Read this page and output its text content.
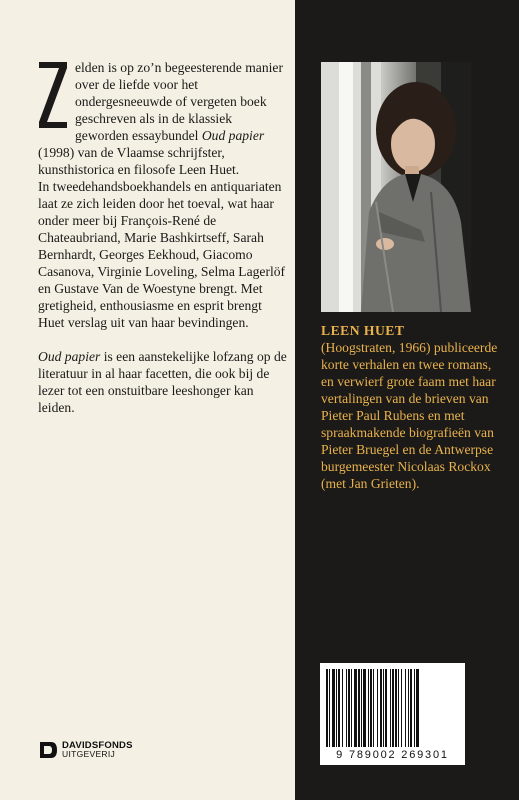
elden is op zo’n begeesterende manier over de liefde voor het ondergesneeuwde of vergeten boek geschreven als in de klassiek geworden essaybundel Oud papier (1998) van de Vlaamse schrijfster, kunsthistorica en filosofe Leen Huet.

In tweedehandsboekhandels en antiquariaten laat ze zich leiden door het toeval, wat haar onder meer bij François-René de Chateaubriand, Marie Bashkirtseff, Sarah Bernhardt, Georges Eekhoud, Giacomo Casanova, Virginie Loveling, Selma Lagerlöf en Gustave Van de Woestyne brengt. Met gretigheid, enthousiasme en esprit brengt Huet verslag uit van haar bevindingen.

Oud papier is een aanstekelijke lofzang op de literatuur in al haar facetten, die ook bij de lezer tot een onstuitbare leeshonger kan leiden.

DAVIDSFONDS
UITGEVERIJ
LEEN HUET
(Hoogstraten, 1966) publiceerde korte verhalen en twee romans, en verwierf grote faam met haar vertalingen van de brieven van Pieter Paul Rubens en met spraakmakende biografieën van Pieter Bruegel en de Antwerpse burgemeester Nicolaas Rockox (met Jan Grieten).
9 789002 269301
